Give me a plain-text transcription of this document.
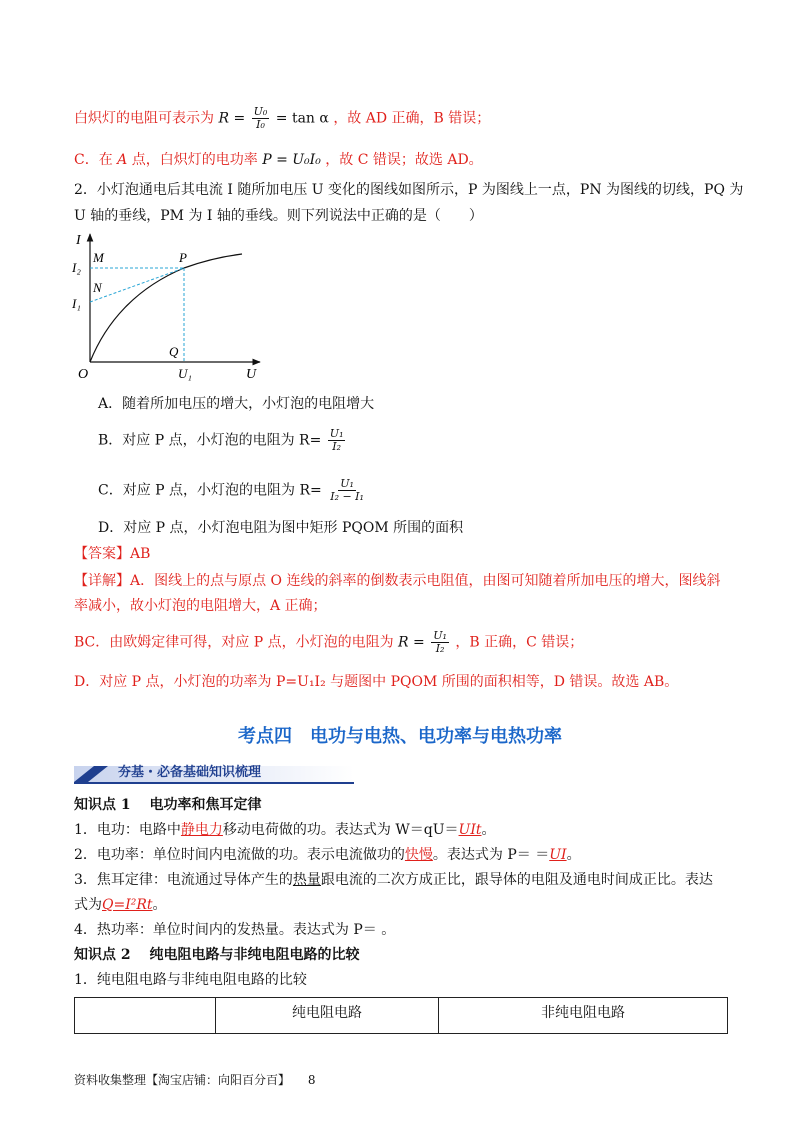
白炽灯的电阻可表示为 $R = \frac{\text{U₀}}{\text{I₀}} = \tan \alpha$ ，故 AD 正确，B 错误；
C．在 A 点，白炽灯的电功率 P = U₀I₀ ，故 C 错误；故选 AD。
2．小灯泡通电后其电流 I 随所加电压 U 变化的图线如图所示，P 为图线上一点，PN 为图线的切线，PQ 为
U 轴的垂线，PM 为 I 轴的垂线。则下列说法中正确的是（　　）
I
U
O
M	P
N
Q
I₂
I₁
U₁
A．随着所加电压的增大，小灯泡的电阻增大
B．对应 P 点，小灯泡的电阻为 $R= \frac{\text{U₁}}{\text{I₂}}$
C．对应 P 点，小灯泡的电阻为 $R= \frac{\text{U₁}}{\text{I₂ − I₁}}$
D．对应 P 点，小灯泡电阻为图中矩形 PQOM 所围的面积
【答案】AB
【详解】A．图线上的点与原点 O 连线的斜率的倒数表示电阻值，由图可知随着所加电压的增大，图线斜
率减小，故小灯泡的电阻增大，A 正确；
BC．由欧姆定律可得，对应 P 点，小灯泡的电阻为 $R = \frac{\text{U₁}}{\text{I₂}}$ ，B 正确，C 错误；
D．对应 P 点，小灯泡的功率为 P=U₁I₂ 与题图中 PQOM 所围的面积相等，D 错误。故选 AB。
考点四　电功与电热、电功率与电热功率
夯基・必备基础知识梳理
知识点 1　 电功率和焦耳定律
1．电功：电路中静电力移动电荷做的功。表达式为 W＝qU＝UIt。
2．电功率：单位时间内电流做的功。表示电流做功的快慢。表达式为 P＝ ＝UI。
3．焦耳定律：电流通过导体产生的热量跟电流的二次方成正比，跟导体的电阻及通电时间成正比。表达
式为Q=I²Rt。
4．热功率：单位时间内的发热量。表达式为 P＝ 。
知识点 2　 纯电阻电路与非纯电阻电路的比较
1．纯电阻电路与非纯电阻电路的比较
	纯电阻电路	非纯电阻电路
资料收集整理【淘宝店铺：向阳百分百】 8
